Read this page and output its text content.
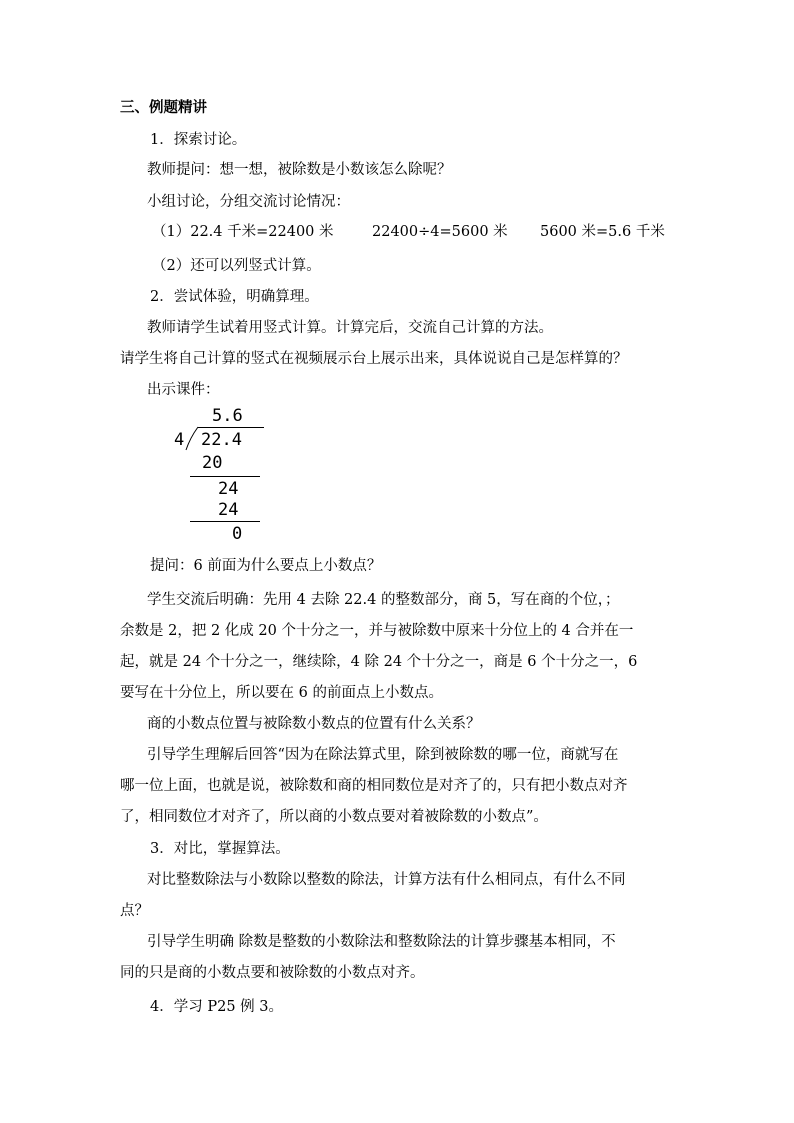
三、例题精讲
1．探索讨论。
教师提问：想一想，被除数是小数该怎么除呢？
小组讨论，分组交流讨论情况：
（1）22.4 千米=22400 米	22400÷4=5600 米 5600 米=5.6 千米
（2）还可以列竖式计算。
2．尝试体验，明确算理。
教师请学生试着用竖式计算。计算完后，交流自己计算的方法。
请学生将自己计算的竖式在视频展示台上展示出来，具体说说自己是怎样算的？
出示课件：
5.6
4 22.4
20
24
24
0
提问：6 前面为什么要点上小数点？
学生交流后明确：先用 4 去除 22.4 的整数部分，商 5，写在商的个位，；
余数是 2，把 2 化成 20 个十分之一，并与被除数中原来十分位上的 4 合并在一
起，就是 24 个十分之一，继续除，4 除 24 个十分之一，商是 6 个十分之一，6
要写在十分位上，所以要在 6 的前面点上小数点。
商的小数点位置与被除数小数点的位置有什么关系？
引导学生理解后回答“因为在除法算式里，除到被除数的哪一位，商就写在
哪一位上面，也就是说，被除数和商的相同数位是对齐了的，只有把小数点对齐
了，相同数位才对齐了，所以商的小数点要对着被除数的小数点”。
3．对比，掌握算法。
对比整数除法与小数除以整数的除法，计算方法有什么相同点，有什么不同
点？
引导学生明确 除数是整数的小数除法和整数除法的计算步骤基本相同，不
同的只是商的小数点要和被除数的小数点对齐。
4．学习 P25 例 3。
